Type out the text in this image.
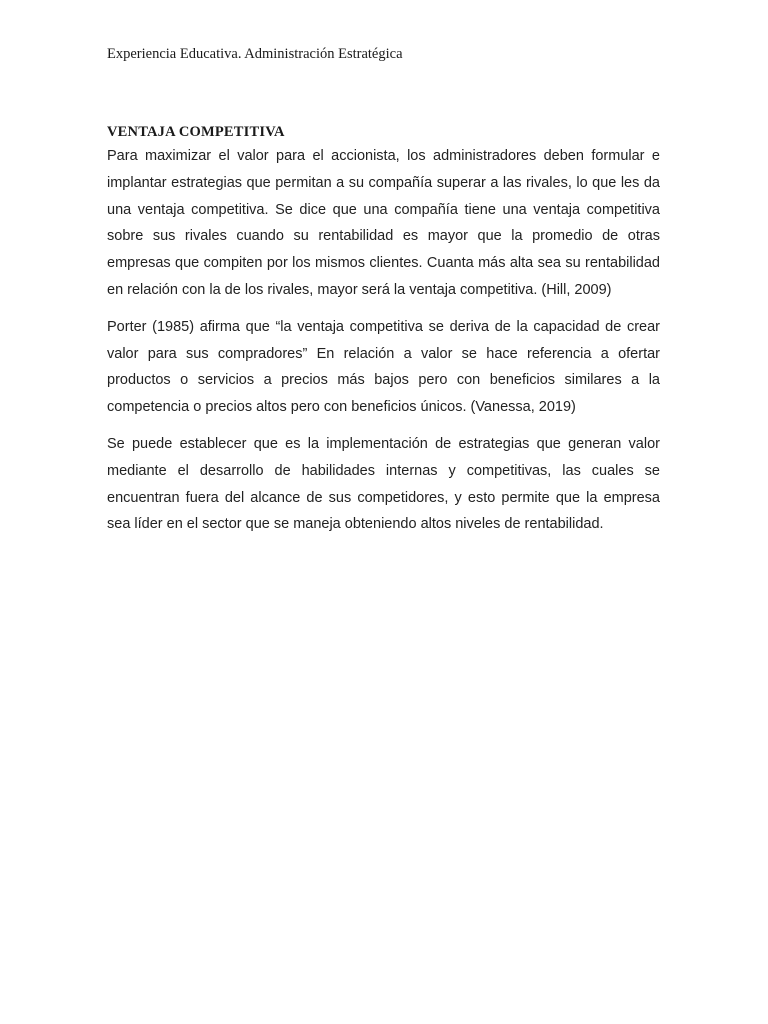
Experiencia Educativa. Administración Estratégica
VENTAJA COMPETITIVA

Para maximizar el valor para el accionista, los administradores deben formular e implantar estrategias que permitan a su compañía superar a las rivales, lo que les da una ventaja competitiva. Se dice que una compañía tiene una ventaja competitiva sobre sus rivales cuando su rentabilidad es mayor que la promedio de otras empresas que compiten por los mismos clientes. Cuanta más alta sea su rentabilidad en relación con la de los rivales, mayor será la ventaja competitiva. (Hill, 2009)

Porter (1985) afirma que “la ventaja competitiva se deriva de la capacidad de crear valor para sus compradores” En relación a valor se hace referencia a ofertar productos o servicios a precios más bajos pero con beneficios similares a la competencia o precios altos pero con beneficios únicos. (Vanessa, 2019)

Se puede establecer que es la implementación de estrategias que generan valor mediante el desarrollo de habilidades internas y competitivas, las cuales se encuentran fuera del alcance de sus competidores, y esto permite que la empresa sea líder en el sector que se maneja obteniendo altos niveles de rentabilidad.
